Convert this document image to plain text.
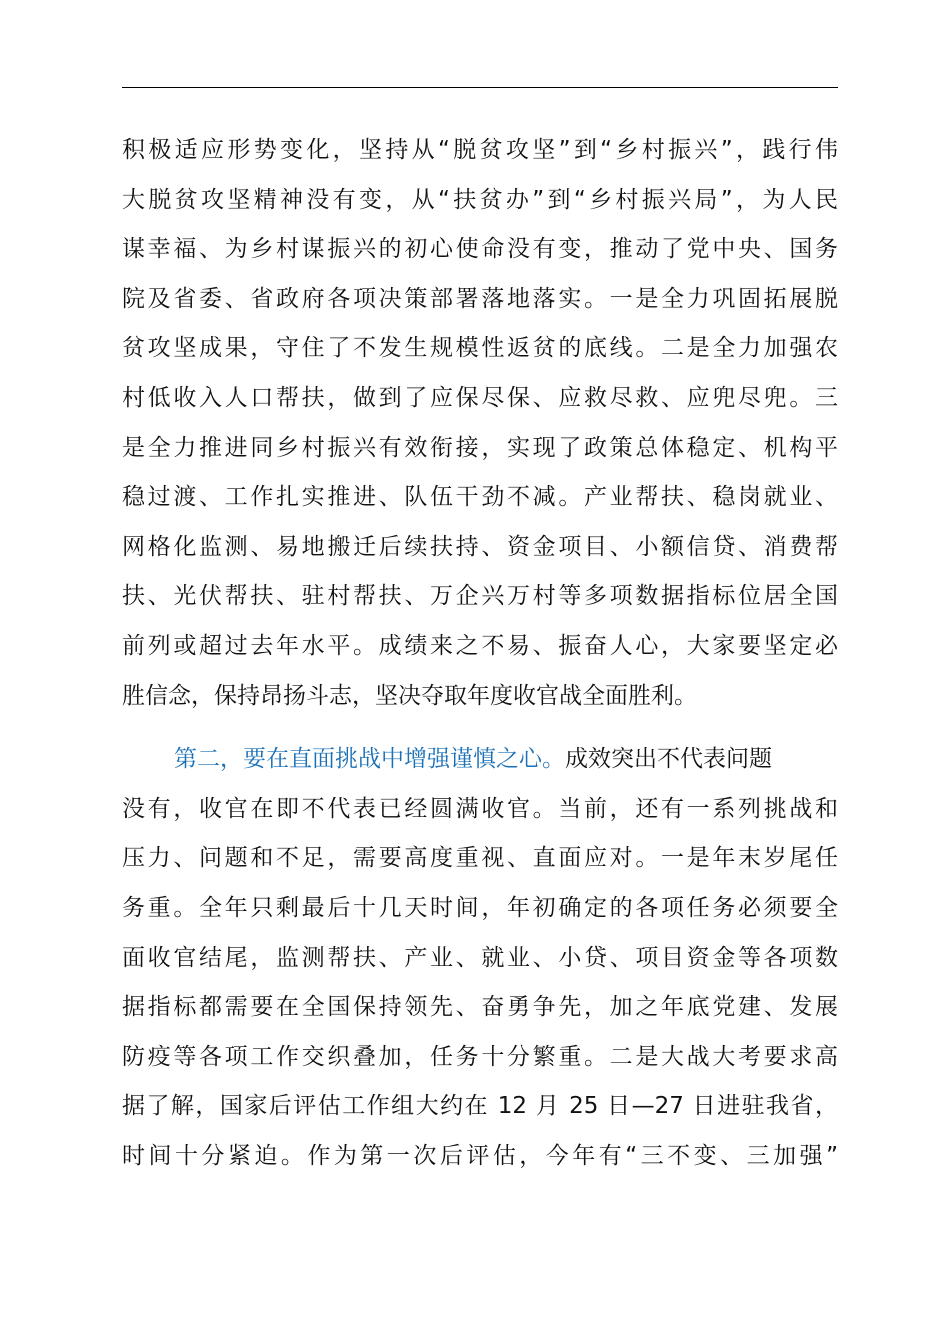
积极适应形势变化，坚持从“脱贫攻坚”到“乡村振兴”，践行伟
大脱贫攻坚精神没有变，从“扶贫办”到“乡村振兴局”，为人民
谋幸福、为乡村谋振兴的初心使命没有变，推动了党中央、国务
院及省委、省政府各项决策部署落地落实。一是全力巩固拓展脱
贫攻坚成果，守住了不发生规模性返贫的底线。二是全力加强农
村低收入人口帮扶，做到了应保尽保、应救尽救、应兜尽兜。三
是全力推进同乡村振兴有效衔接，实现了政策总体稳定、机构平
稳过渡、工作扎实推进、队伍干劲不减。产业帮扶、稳岗就业、
网格化监测、易地搬迁后续扶持、资金项目、小额信贷、消费帮
扶、光伏帮扶、驻村帮扶、万企兴万村等多项数据指标位居全国
前列或超过去年水平。成绩来之不易、振奋人心，大家要坚定必
胜信念，保持昂扬斗志，坚决夺取年度收官战全面胜利。
第二，要在直面挑战中增强谨慎之心。成效突出不代表问题
没有，收官在即不代表已经圆满收官。当前，还有一系列挑战和
压力、问题和不足，需要高度重视、直面应对。一是年末岁尾任
务重。全年只剩最后十几天时间，年初确定的各项任务必须要全
面收官结尾，监测帮扶、产业、就业、小贷、项目资金等各项数
据指标都需要在全国保持领先、奋勇争先，加之年底党建、发展
防疫等各项工作交织叠加，任务十分繁重。二是大战大考要求高
据了解，国家后评估工作组大约在 12 月 25 日—27 日进驻我省，
时间十分紧迫。作为第一次后评估，今年有“三不变、三加强”
